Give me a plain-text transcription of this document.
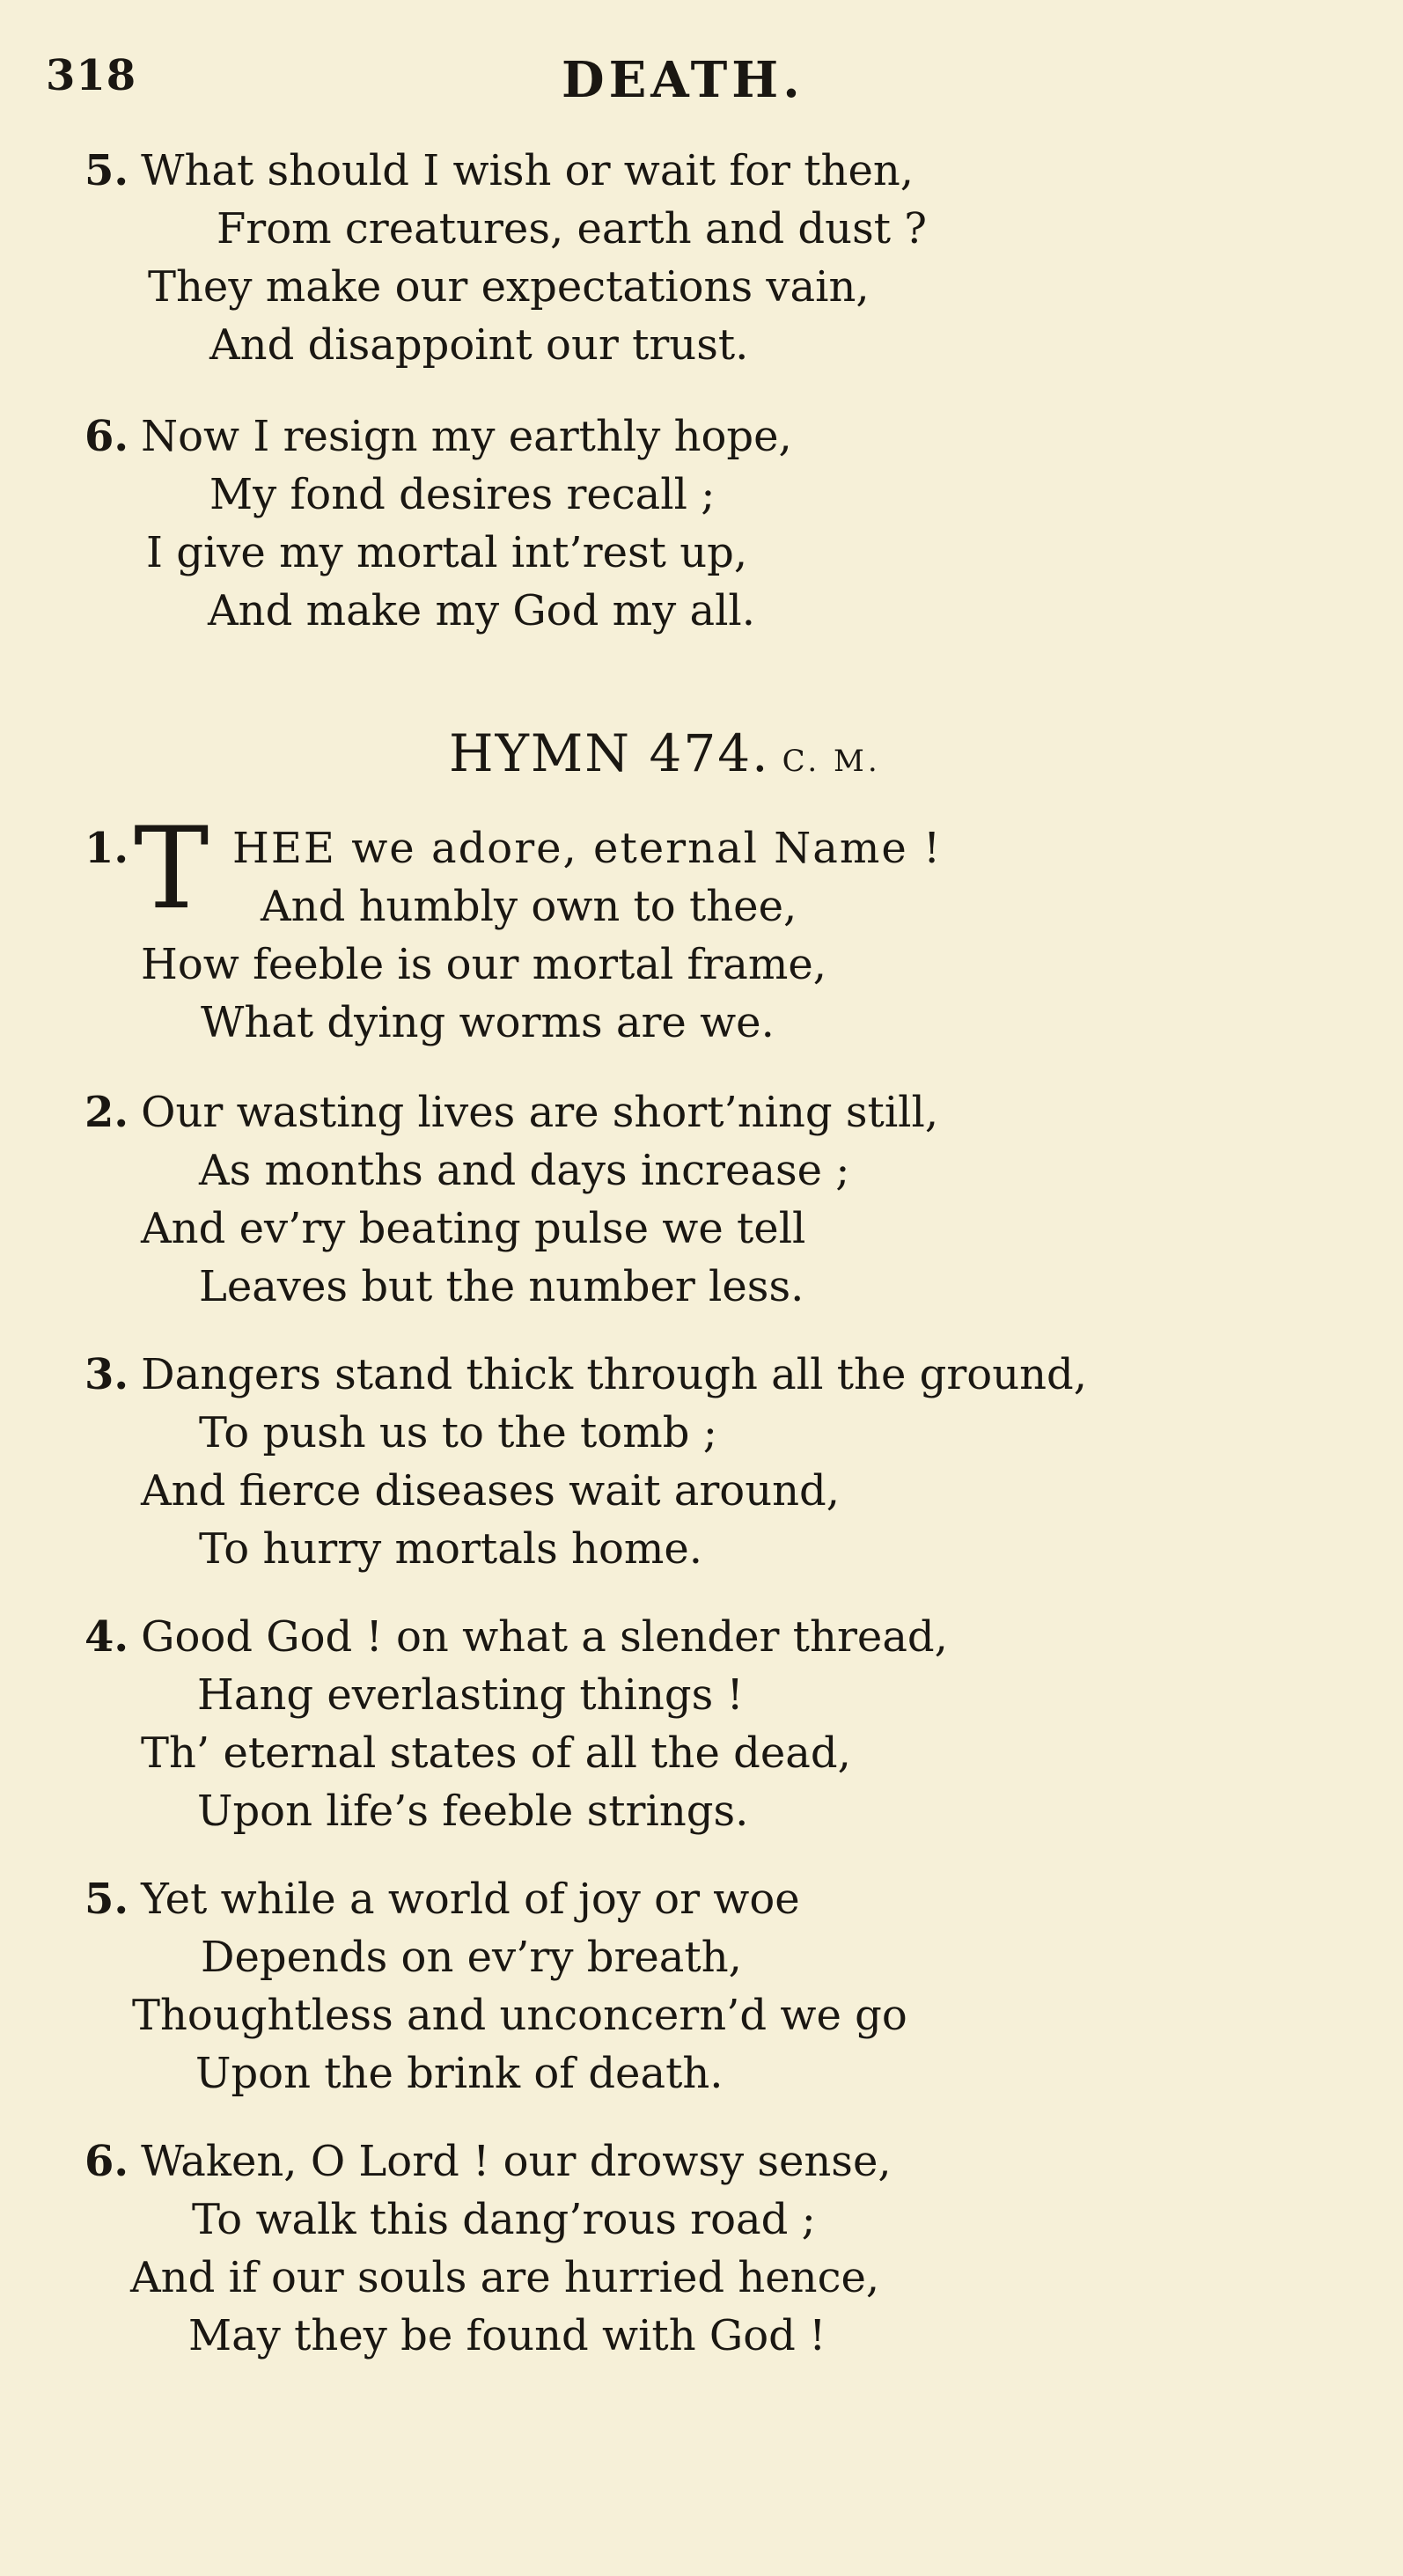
318	DEATH.
5. What should I wish or wait for then,
From creatures, earth and dust ?
They make our expectations vain,
And disappoint our trust.
6. Now I resign my earthly hope,
My fond desires recall ;
I give my mortal int’rest up,
And make my God my all.
HYMN 474. C. M.
1. T HEE we adore, eternal Name !
And humbly own to thee,
How feeble is our mortal frame,
What dying worms are we.
2. Our wasting lives are short’ning still,
As months and days increase ;
And ev’ry beating pulse we tell
Leaves but the number less.
3. Dangers stand thick through all the ground,
To push us to the tomb ;
And fierce diseases wait around,
To hurry mortals home.
4. Good God ! on what a slender thread,
Hang everlasting things !
Th’ eternal states of all the dead,
Upon life’s feeble strings.
5. Yet while a world of joy or woe
Depends on ev’ry breath,
Thoughtless and unconcern’d we go
Upon the brink of death.
6. Waken, O Lord ! our drowsy sense,
To walk this dang’rous road ;
And if our souls are hurried hence,
May they be found with God !
